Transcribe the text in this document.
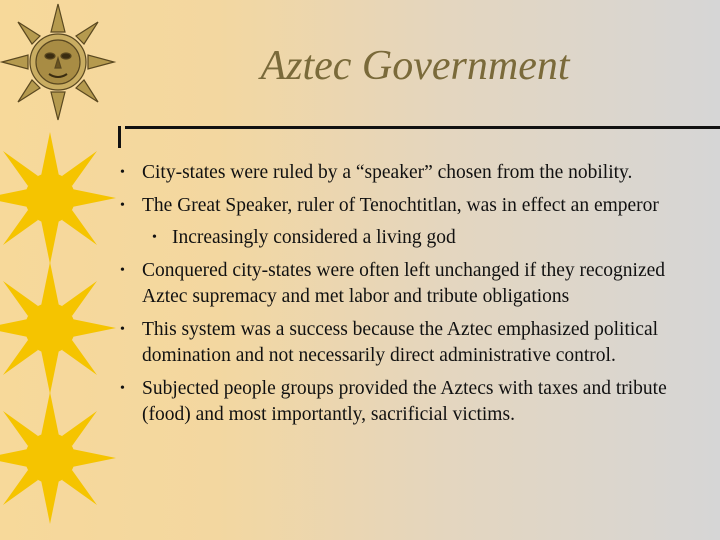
Aztec Government
• City-states were ruled by a “speaker” chosen from the nobility.
• The Great Speaker, ruler of Tenochtitlan, was in effect an emperor
• Increasingly considered a living god
• Conquered city-states were often left unchanged if they recognized Aztec supremacy and met labor and tribute obligations
• This system was a success because the Aztec emphasized political domination and not necessarily direct administrative control.
• Subjected people groups provided the Aztecs with taxes and tribute (food) and most importantly, sacrificial victims.
